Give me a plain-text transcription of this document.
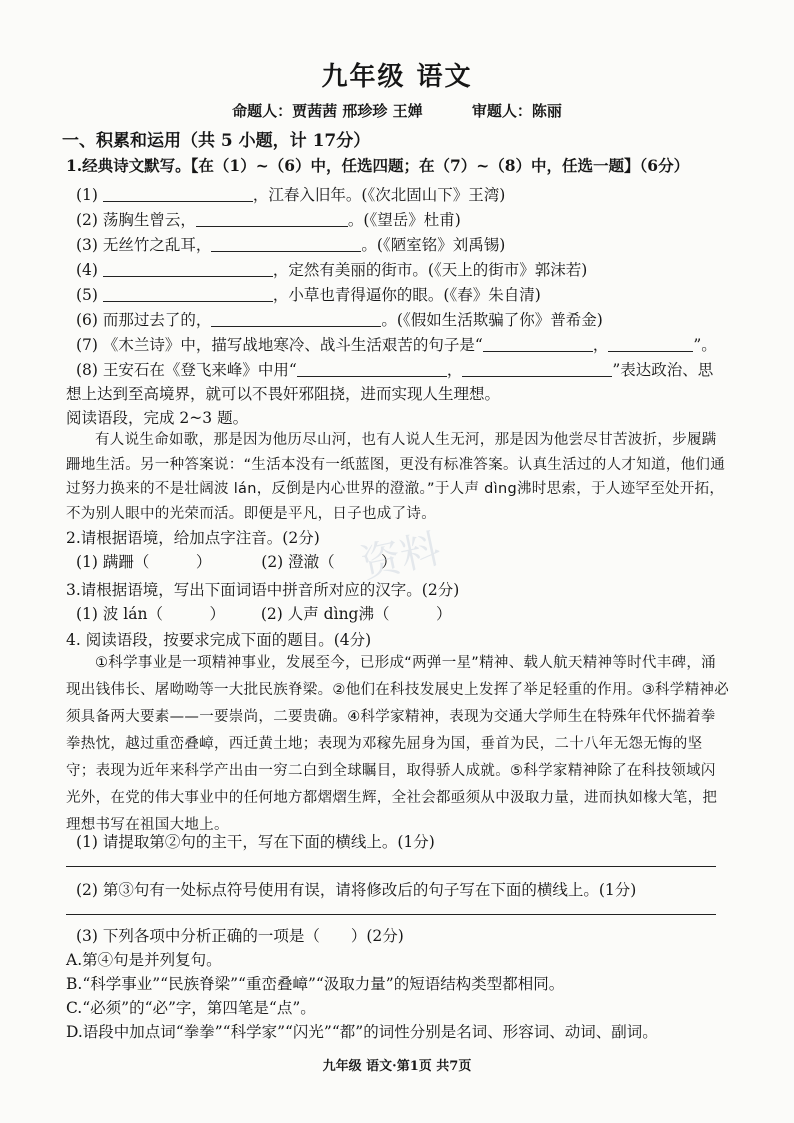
九年级 语文
命题人：贾茜茜 邢珍珍 王婵	审题人：陈丽
一、积累和运用（共 5 小题，计 17分）
1.经典诗文默写。【在（1）~（6）中，任选四题；在（7）~（8）中，任选一题】（6分）
(1)	，江春入旧年。(《次北固山下》王湾)
(2) 荡胸生曾云，	。(《望岳》杜甫)
(3) 无丝竹之乱耳，	。(《陋室铭》刘禹锡)
(4)	，定然有美丽的街市。(《天上的街市》郭沫若)
(5)	，小草也青得逼你的眼。(《春》朱自清)
(6) 而那过去了的，	。(《假如生活欺骗了你》普希金)
(7) 《木兰诗》中，描写战地寒冷、战斗生活艰苦的句子是“	，	”。
(8) 王安石在《登飞来峰》中用“	，	”表达政治、思
想上达到至高境界，就可以不畏奸邪阻挠，进而实现人生理想。
阅读语段，完成 2~3 题。
有人说生命如歌，那是因为他历尽山河，也有人说人生无河，那是因为他尝尽甘苦波折，步履蹒跚地生活。另一种答案说：“生活本没有一纸蓝图，更没有标准答案。认真生活过的人才知道，他们通过努力换来的不是壮阔波 lán，反倒是内心世界的澄澈。”于人声 dìng沸时思索，于人迹罕至处开拓，不为别人眼中的光荣而活。即便是平凡，日子也成了诗。
2.请根据语境，给加点字注音。(2分)
(1) 蹒跚（　　　）	(2) 澄澈（　　　）
3.请根据语境，写出下面词语中拼音所对应的汉字。(2分)
(1) 波 lán（　　　） (2) 人声 dìng沸（　　　）
4. 阅读语段，按要求完成下面的题目。(4分)
①科学事业是一项精神事业，发展至今，已形成“两弹一星”精神、载人航天精神等时代丰碑，涌现出钱伟长、屠呦呦等一大批民族脊梁。②他们在科技发展史上发挥了举足轻重的作用。③科学精神必须具备两大要素——一要崇尚，二要贵确。④科学家精神，表现为交通大学师生在特殊年代怀揣着拳拳热忱，越过重峦叠嶂，西迁黄土地；表现为邓稼先屈身为国，垂首为民，二十八年无怨无悔的坚守；表现为近年来科学产出由一穷二白到全球瞩目，取得骄人成就。⑤科学家精神除了在科技领域闪光外，在党的伟大事业中的任何地方都熠熠生辉，全社会都亟须从中汲取力量，进而执如椽大笔，把理想书写在祖国大地上。
(1) 请提取第②句的主干，写在下面的横线上。(1分)
(2) 第③句有一处标点符号使用有误，请将修改后的句子写在下面的横线上。(1分)
(3) 下列各项中分析正确的一项是（　　）(2分)
A.第④句是并列复句。
B.“科学事业”“民族脊梁”“重峦叠嶂”“汲取力量”的短语结构类型都相同。
C.“必须”的“必”字，第四笔是“点”。
D.语段中加点词“拳拳”“科学家”“闪光”“都”的词性分别是名词、形容词、动词、副词。
资料
九年级 语文·第1页 共7页
